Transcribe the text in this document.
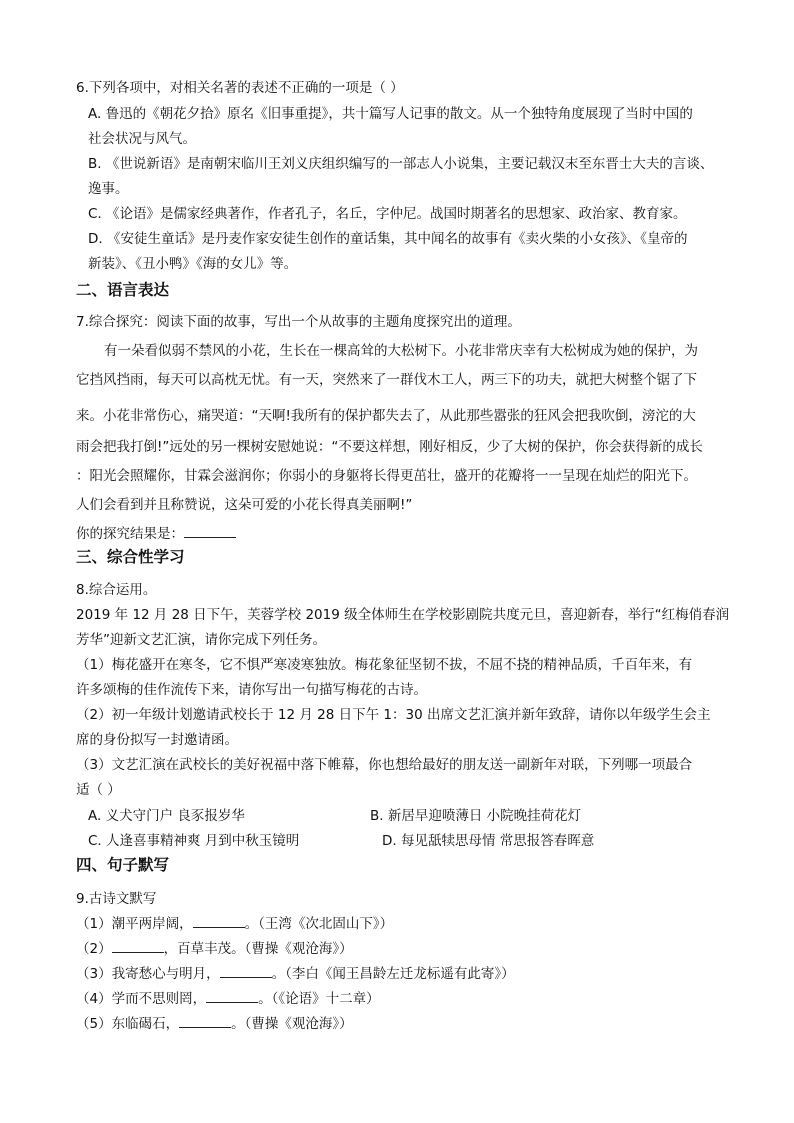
6.下列各项中，对相关名著的表述不正确的一项是（ ）
A. 鲁迅的《朝花夕拾》原名《旧事重提》，共十篇写人记事的散文。从一个独特角度展现了当时中国的
社会状况与风气。
B. 《世说新语》是南朝宋临川王刘义庆组织编写的一部志人小说集，主要记载汉末至东晋士大夫的言谈、
逸事。
C. 《论语》是儒家经典著作，作者孔子，名丘，字仲尼。战国时期著名的思想家、政治家、教育家。
D. 《安徒生童话》是丹麦作家安徒生创作的童话集，其中闻名的故事有《卖火柴的小女孩》、《皇帝的
新装》、《丑小鸭》《海的女儿》等。
二、语言表达
7.综合探究：阅读下面的故事，写出一个从故事的主题角度探究出的道理。
有一朵看似弱不禁风的小花，生长在一棵高耸的大松树下。小花非常庆幸有大松树成为她的保护，为
它挡风挡雨，每天可以高枕无忧。有一天，突然来了一群伐木工人，两三下的功夫，就把大树整个锯了下
来。小花非常伤心，痛哭道：“天啊!我所有的保护都失去了，从此那些嚣张的狂风会把我吹倒，滂沱的大
雨会把我打倒!”远处的另一棵树安慰她说：“不要这样想，刚好相反，少了大树的保护，你会获得新的成长
：阳光会照耀你，甘霖会滋润你；你弱小的身躯将长得更茁壮，盛开的花瓣将一一呈现在灿烂的阳光下。
人们会看到并且称赞说，这朵可爱的小花长得真美丽啊!”
你的探究结果是：
三、综合性学习
8.综合运用。
2019 年 12 月 28 日下午，芙蓉学校 2019 级全体师生在学校影剧院共度元旦，喜迎新春，举行“红梅俏春润
芳华”迎新文艺汇演，请你完成下列任务。
（1）梅花盛开在寒冬，它不惧严寒凌寒独放。梅花象征坚韧不拔，不屈不挠的精神品质，千百年来，有
许多颂梅的佳作流传下来，请你写出一句描写梅花的古诗。
（2）初一年级计划邀请武校长于 12 月 28 日下午 1：30 出席文艺汇演并新年致辞，请你以年级学生会主
席的身份拟写一封邀请函。
（3）文艺汇演在武校长的美好祝福中落下帷幕，你也想给最好的朋友送一副新年对联，下列哪一项最合
适（ ）
A. 义犬守门户 良豕报岁华	B. 新居早迎喷薄日 小院晚挂荷花灯
C. 人逢喜事精神爽 月到中秋玉镜明	D. 每见舐犊思母情 常思报答春晖意
四、句子默写
9.古诗文默写
（1）潮平两岸阔，	。（王湾《次北固山下》）
（2）	，百草丰茂。（曹操《观沧海》）
（3）我寄愁心与明月，	。（李白《闻王昌龄左迁龙标遥有此寄》）
（4）学而不思则罔，	。（《论语》十二章）
（5）东临碣石，	。（曹操《观沧海》）
